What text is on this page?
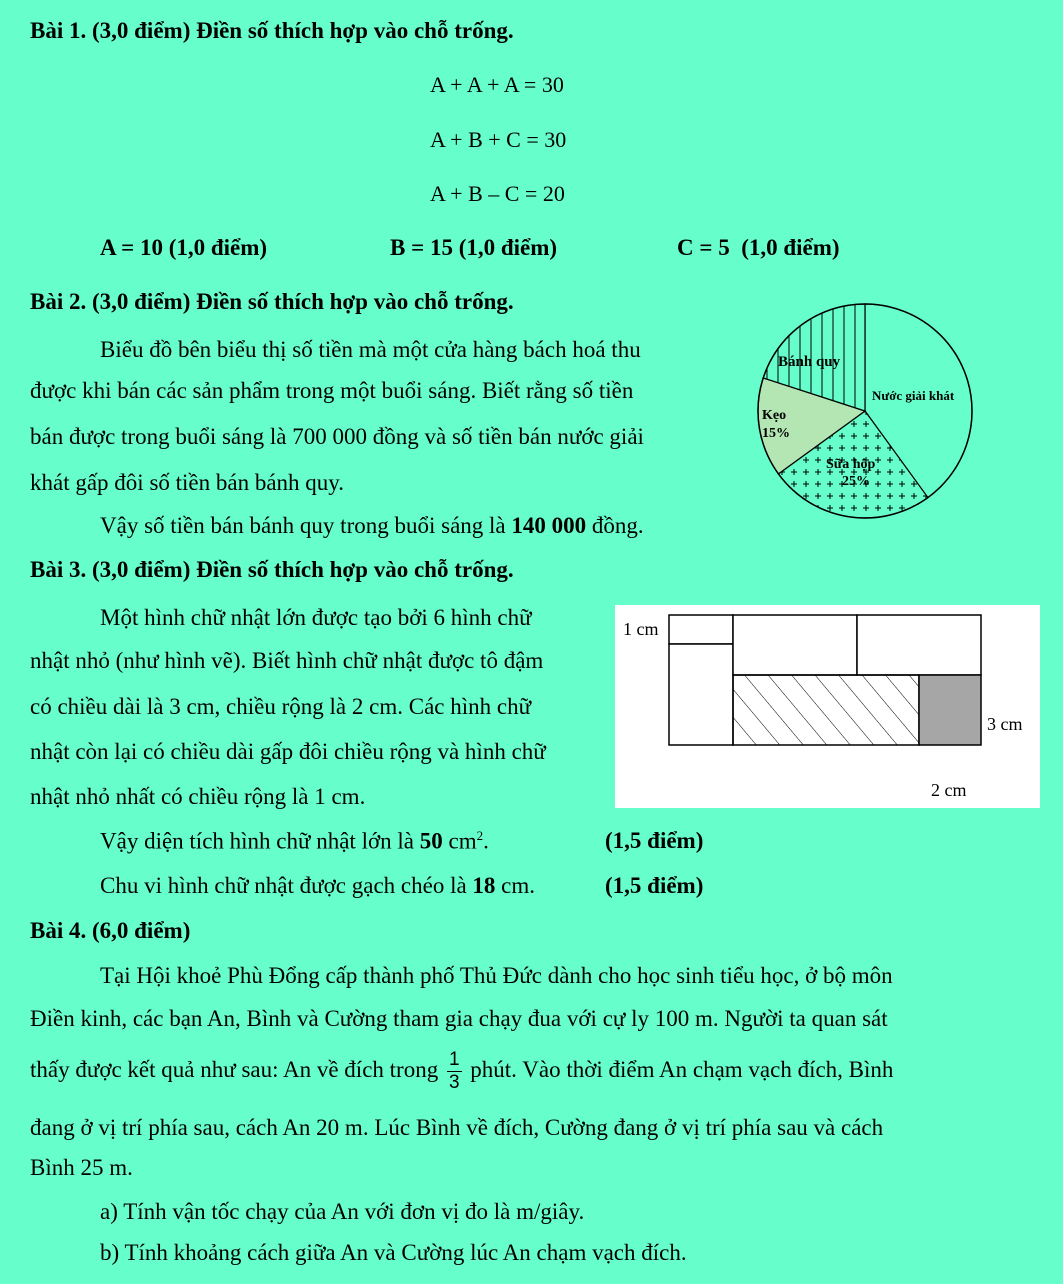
Bài 1. (3,0 điểm) Điền số thích hợp vào chỗ trống.
A + A + A = 30
A + B + C = 30
A + B – C = 20
A = 10 (1,0 điểm)	B = 15 (1,0 điểm)	C = 5  (1,0 điểm)
Bài 2. (3,0 điểm) Điền số thích hợp vào chỗ trống.
Biểu đồ bên biểu thị số tiền mà một cửa hàng bách hoá thu
được khi bán các sản phẩm trong một buổi sáng. Biết rằng số tiền
bán được trong buổi sáng là 700 000 đồng và số tiền bán nước giải
khát gấp đôi số tiền bán bánh quy.
Vậy số tiền bán bánh quy trong buổi sáng là 140 000 đồng.
Bánh quy
Nước giải khát
Kẹo
15%
Sữa hộp
25%
Bài 3. (3,0 điểm) Điền số thích hợp vào chỗ trống.
Một hình chữ nhật lớn được tạo bởi 6 hình chữ
nhật nhỏ (như hình vẽ). Biết hình chữ nhật được tô đậm
có chiều dài là 3 cm, chiều rộng là 2 cm. Các hình chữ
nhật còn lại có chiều dài gấp đôi chiều rộng và hình chữ
nhật nhỏ nhất có chiều rộng là 1 cm.
1 cm
3 cm
2 cm
Vậy diện tích hình chữ nhật lớn là 50 $cm^2$.	(1,5 điểm)
Chu vi hình chữ nhật được gạch chéo là 18 cm.	(1,5 điểm)
Bài 4. (6,0 điểm)
Tại Hội khoẻ Phù Đổng cấp thành phố Thủ Đức dành cho học sinh tiểu học, ở bộ môn
Điền kinh, các bạn An, Bình và Cường tham gia chạy đua với cự ly 100 m. Người ta quan sát
thấy được kết quả như sau: An về đích trong $\frac{1}{3}$ phút. Vào thời điểm An chạm vạch đích, Bình
đang ở vị trí phía sau, cách An 20 m. Lúc Bình về đích, Cường đang ở vị trí phía sau và cách
Bình 25 m.
a) Tính vận tốc chạy của An với đơn vị đo là m/giây.
b) Tính khoảng cách giữa An và Cường lúc An chạm vạch đích.
